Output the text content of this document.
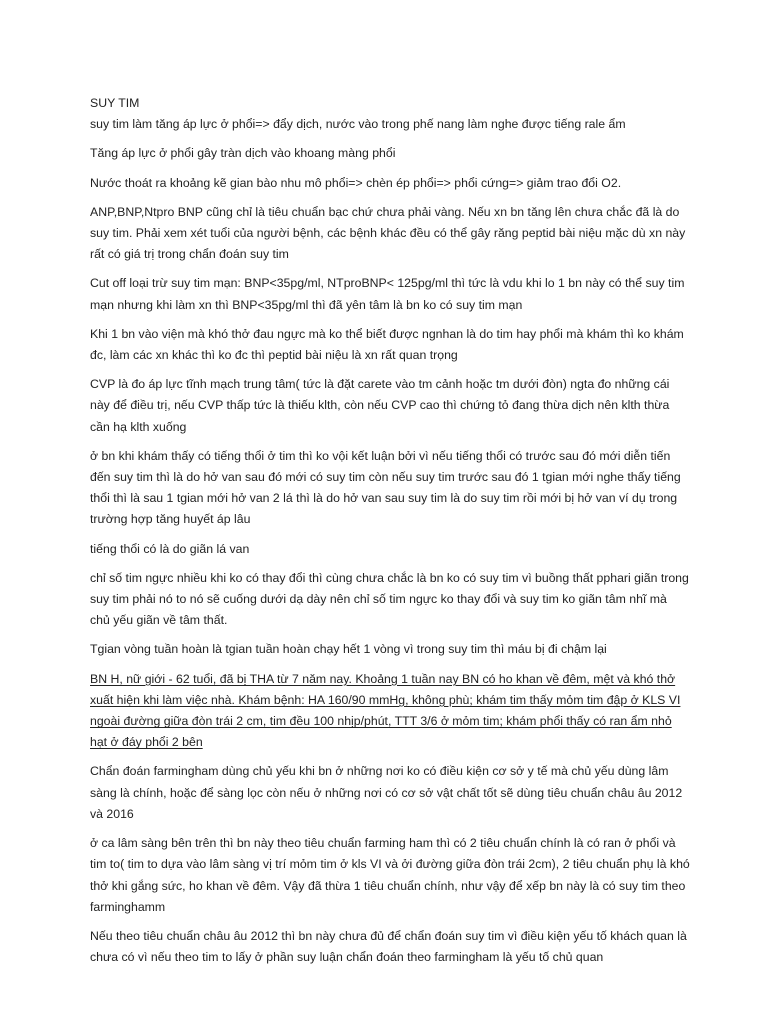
SUY TIM

suy tim làm tăng áp lực ở phổi=> đẩy dịch, nước vào trong phế nang làm nghe được tiếng rale ẩm

Tăng áp lực ở phổi gây tràn dịch vào khoang màng phổi

Nước thoát ra khoảng kẽ gian bào nhu mô phổi=> chèn ép phổi=> phổi cứng=> giảm trao đổi O2.

ANP,BNP,Ntpro BNP cũng chỉ là tiêu chuẩn bạc chứ chưa phải vàng. Nếu xn bn tăng lên chưa chắc đã là do suy tim. Phải xem xét tuổi của người bệnh, các bệnh khác đều có thể gây răng peptid bài niệu mặc dù xn này rất có giá trị trong chẩn đoán suy tim

Cut off loại trừ suy tim mạn: BNP<35pg/ml, NTproBNP< 125pg/ml thì tức là vdu khi lo 1 bn này có thể suy tim mạn nhưng khi làm xn thì BNP<35pg/ml thì đã yên tâm là bn ko có suy tim mạn

Khi 1 bn vào viện mà khó thở đau ngực mà ko thể biết được ngnhan là do tim hay phổi mà khám thì ko khám đc, làm các xn khác thì ko đc thì peptid bài niệu là xn rất quan trọng

CVP là đo áp lực tĩnh mạch trung tâm( tức là đặt carete vào tm cảnh hoặc tm dưới đòn) ngta đo những cái này để điều trị, nếu CVP thấp tức là thiếu klth, còn nếu CVP cao thì chứng tỏ đang thừa dịch nên klth thừa cần hạ klth xuống

ở bn khi khám thấy có tiếng thổi ở tim thì ko vội kết luận bởi vì nếu tiếng thổi có trước sau đó mới diễn tiến đến suy tim thì là do hở van sau đó mới có suy tim còn nếu suy tim trước sau đó 1 tgian mới nghe thấy tiếng thổi thì là sau 1 tgian mới hở van 2 lá thì là do hở van sau suy tim là do suy tim rồi mới bị hở van ví dụ trong trường hợp tăng huyết áp lâu

tiếng thổi có là do giãn lá van

chỉ số tim ngực nhiều khi ko có thay đổi thì cùng chưa chắc là bn ko có suy tim vì buồng thất pphari giãn trong suy tim phải nó to nó sẽ cuống dưới dạ dày nên chỉ số tim ngực ko thay đổi và suy tim ko giãn tâm nhĩ mà chủ yếu giãn về tâm thất.

Tgian vòng tuần hoàn là tgian tuần hoàn chạy hết 1 vòng vì trong suy tim thì máu bị đi chậm lại

BN H, nữ giới - 62 tuổi, đã bị THA từ 7 năm nay. Khoảng 1 tuần nay BN có ho khan về đêm, mệt và khó thở xuất hiện khi làm việc nhà. Khám bệnh: HA 160/90 mmHg, không phù; khám tim thấy mỏm tim đập ở KLS VI ngoài đường giữa đòn trái 2 cm, tim đều 100 nhịp/phút, TTT 3/6 ở mỏm tim; khám phổi thấy có ran ẩm nhỏ hạt ở đáy phổi 2 bên

Chẩn đoán farmingham dùng chủ yếu khi bn ở những nơi ko có điều kiện cơ sở y tế mà chủ yếu dùng lâm sàng là chính, hoặc để sàng lọc còn nếu ở những nơi có cơ sở vật chất tốt sẽ dùng tiêu chuẩn châu âu 2012 và 2016

ở ca lâm sàng bên trên thì bn này theo tiêu chuẩn farming ham thì có 2 tiêu chuẩn chính là có ran ở phổi và tim to( tim to dựa vào lâm sàng vị trí mỏm tim ở kls VI và ởi đường giữa đòn trái 2cm), 2 tiêu chuẩn phụ là khó thở khi gắng sức, ho khan về đêm. Vậy đã thừa 1 tiêu chuẩn chính, như vậy để xếp bn này là có suy tim theo farminghamm

Nếu theo tiêu chuẩn châu âu 2012 thì bn này chưa đủ để chẩn đoán suy tim vì điều kiện yếu tố khách quan là chưa có vì nếu theo tim to lấy ở phần suy luận chẩn đoán theo farmingham là yếu tố chủ quan
